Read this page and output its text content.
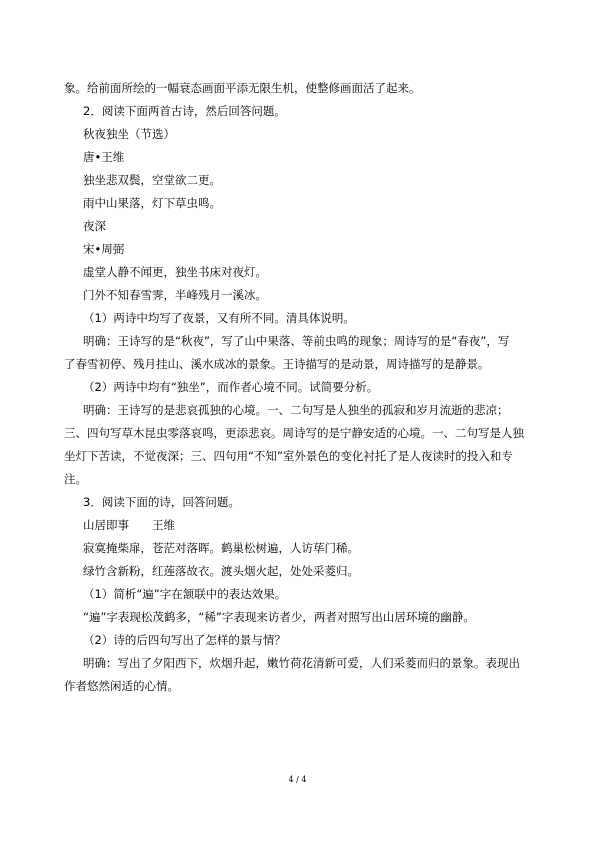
象。给前面所绘的一幅衰态画面平添无限生机，使整修画面活了起来。
2．阅读下面两首古诗，然后回答问题。
秋夜独坐（节选）
唐•王维
独坐悲双鬓，空堂欲二更。
雨中山果落，灯下草虫鸣。
夜深
宋•周弼
虚堂人静不闻更，独坐书床对夜灯。
门外不知春雪霁，半峰残月一溪冰。
（1）两诗中均写了夜景，又有所不同。清具体说明。
明确：王诗写的是“秋夜”，写了山中果落、等前虫鸣的现象；周诗写的是“春夜”，写
了春雪初停、残月挂山、溪水成冰的景象。王诗描写的是动景，周诗描写的是静景。
（2）两诗中均有“独坐”，而作者心境不同。试简要分析。
明确：王诗写的是悲哀孤独的心境。一、二句写是人独坐的孤寂和岁月流逝的悲凉；
三、四句写草木昆虫零落哀鸣，更添悲哀。周诗写的是宁静安适的心境。一、二句写是人独
坐灯下苦读，不觉夜深；三、四句用“不知”室外景色的变化衬托了是人夜读时的投入和专
注。
3．阅读下面的诗，回答问题。
山居即事　　王维
寂寞掩柴扉，苍茫对落晖。鹤巢松树遍，人访荜门稀。
绿竹含新粉，红莲落故衣。渡头烟火起，处处采菱归。
（1）简析“遍”字在颔联中的表达效果。
“遍”字表现松茂鹤多，“稀”字表现来访者少，两者对照写出山居环境的幽静。
（2）诗的后四句写出了怎样的景与情？
明确：写出了夕阳西下，炊烟升起，嫩竹荷花清新可爱，人们采菱而归的景象。表现出
作者悠然闲适的心情。
4 / 4
